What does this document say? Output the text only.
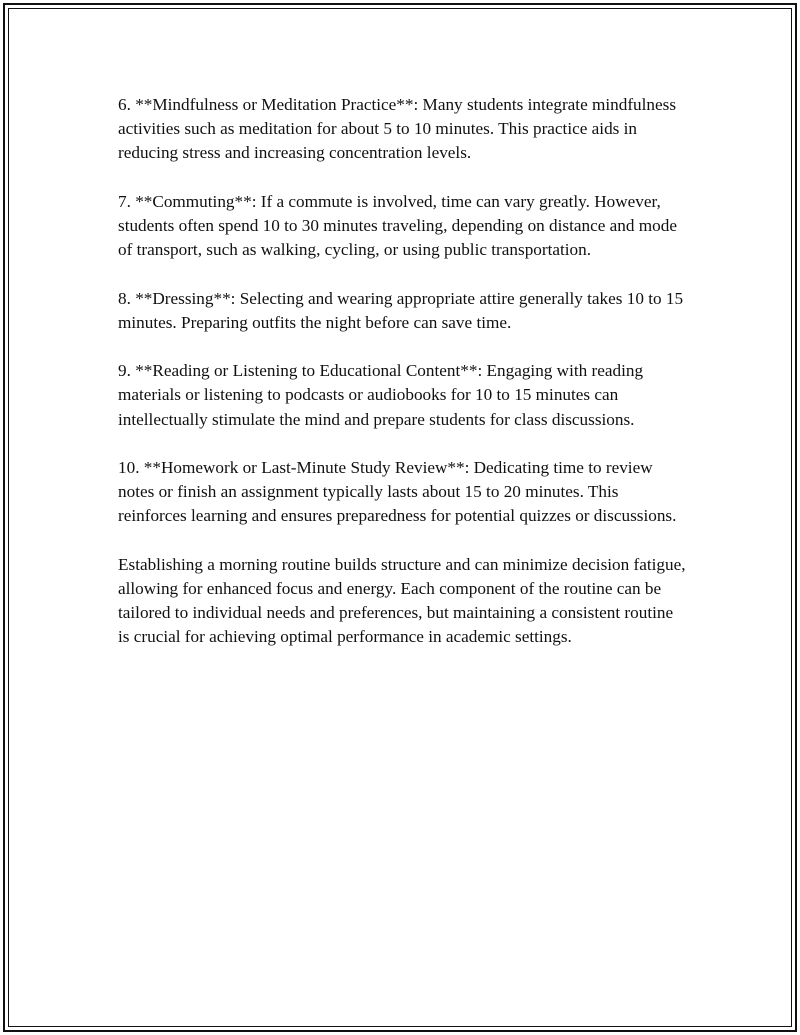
6. **Mindfulness or Meditation Practice**: Many students integrate mindfulness activities such as meditation for about 5 to 10 minutes. This practice aids in reducing stress and increasing concentration levels.

7. **Commuting**: If a commute is involved, time can vary greatly. However, students often spend 10 to 30 minutes traveling, depending on distance and mode of transport, such as walking, cycling, or using public transportation.

8. **Dressing**: Selecting and wearing appropriate attire generally takes 10 to 15 minutes. Preparing outfits the night before can save time.

9. **Reading or Listening to Educational Content**: Engaging with reading materials or listening to podcasts or audiobooks for 10 to 15 minutes can intellectually stimulate the mind and prepare students for class discussions.

10. **Homework or Last-Minute Study Review**: Dedicating time to review notes or finish an assignment typically lasts about 15 to 20 minutes. This reinforces learning and ensures preparedness for potential quizzes or discussions.

Establishing a morning routine builds structure and can minimize decision fatigue, allowing for enhanced focus and energy. Each component of the routine can be tailored to individual needs and preferences, but maintaining a consistent routine is crucial for achieving optimal performance in academic settings.
